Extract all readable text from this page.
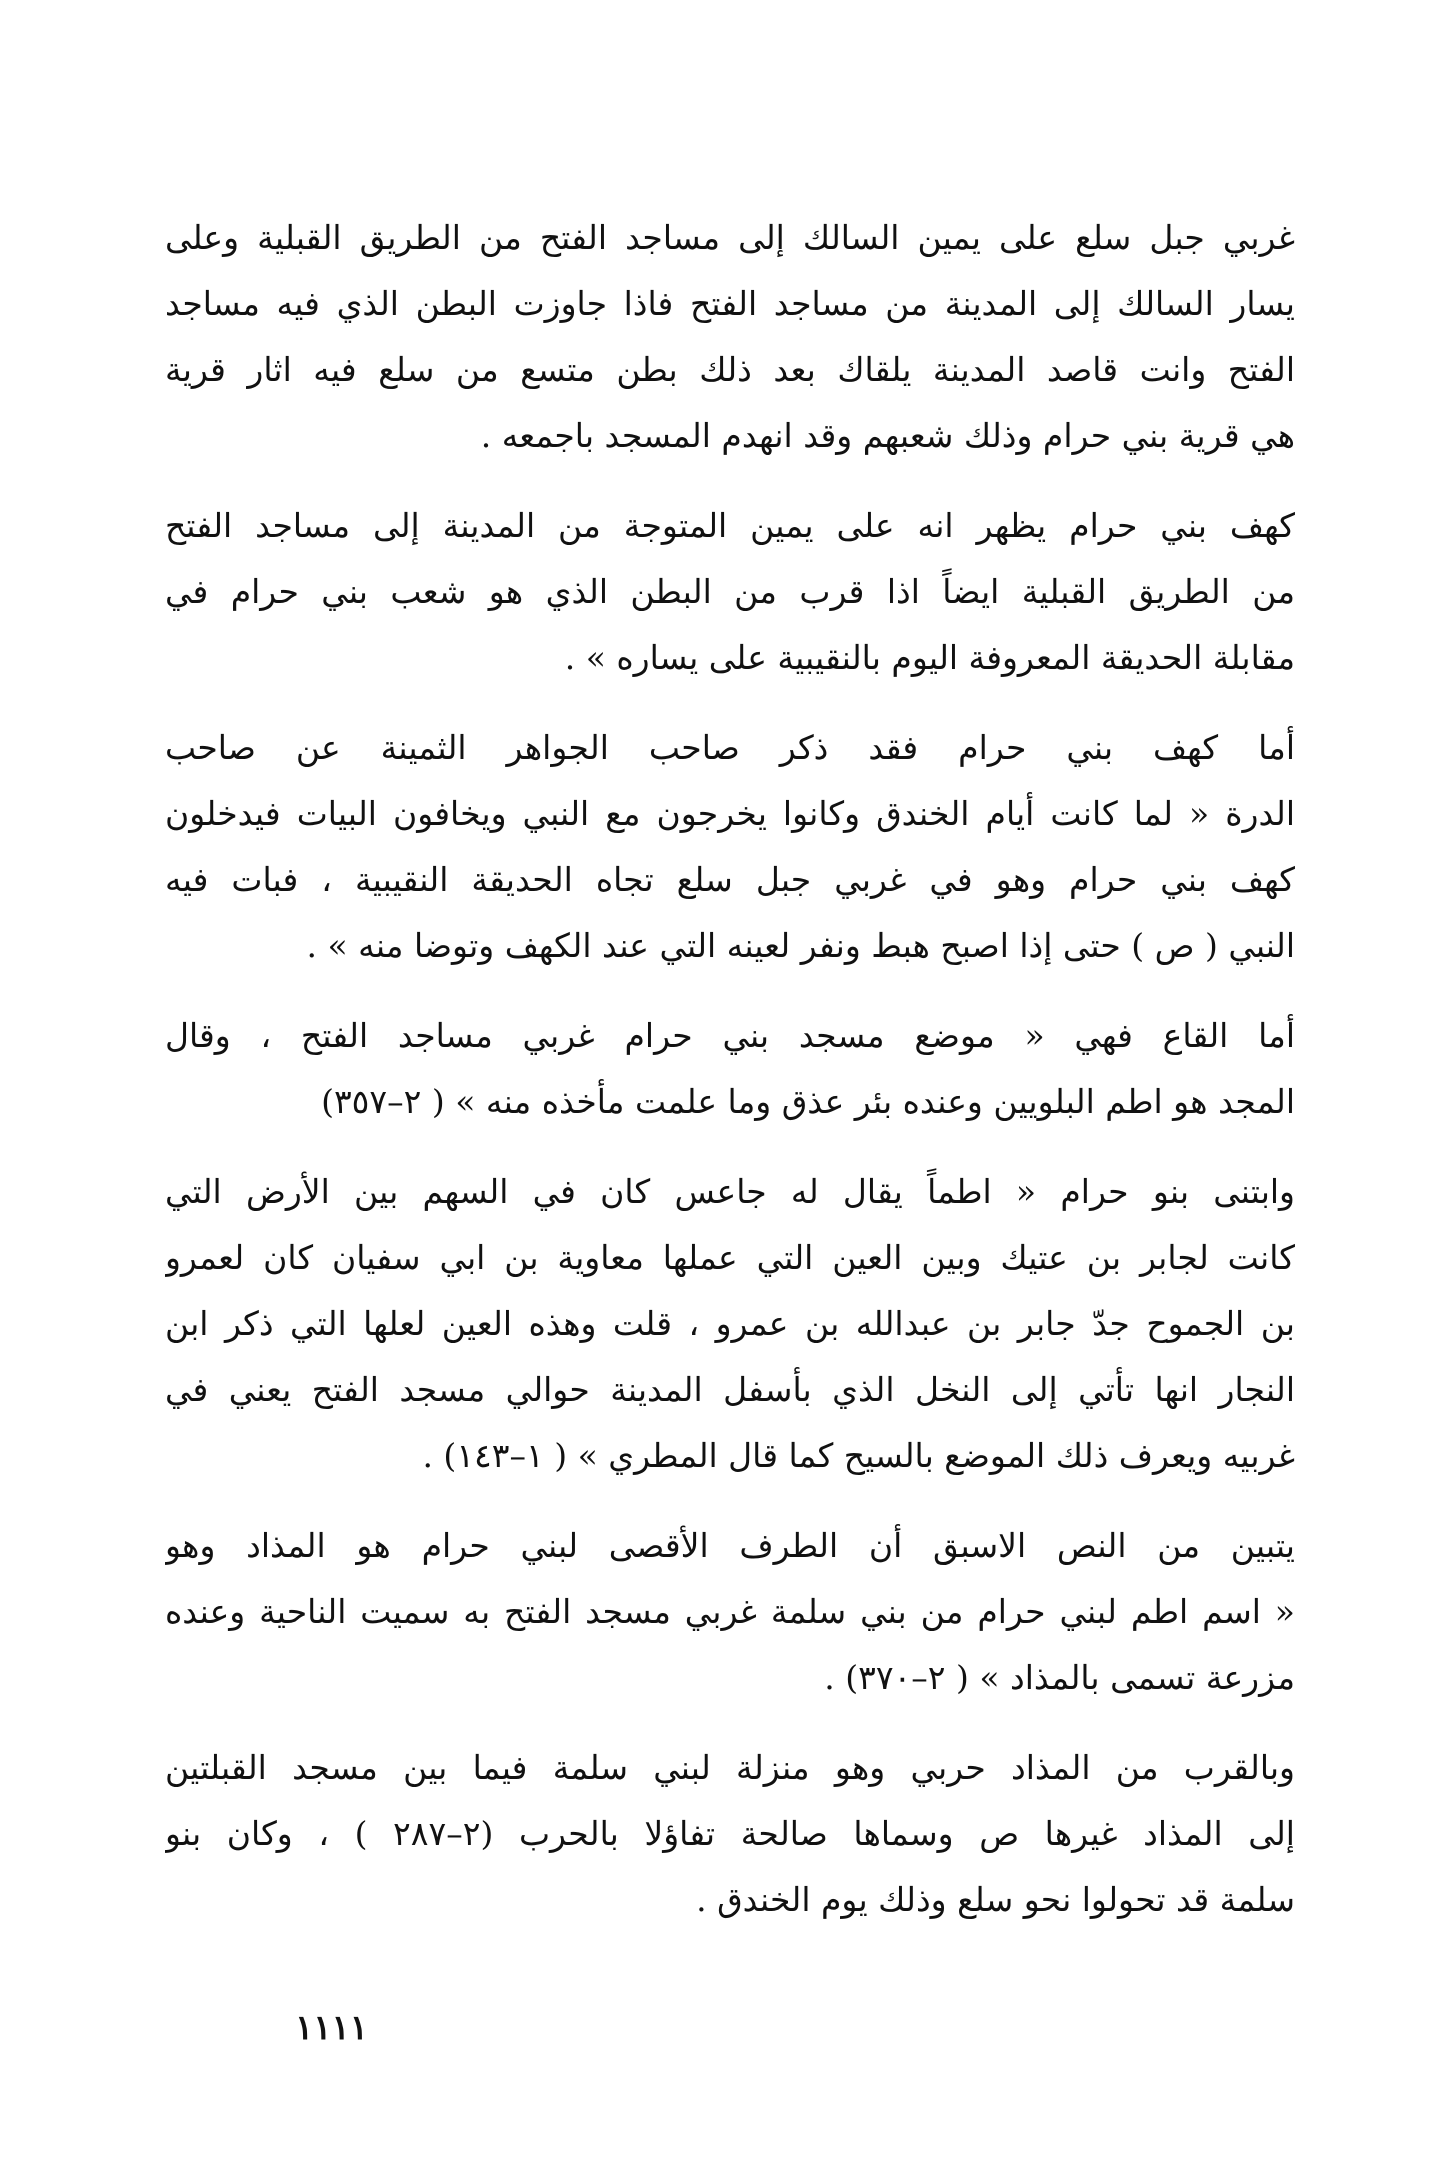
غربي جبل سلع على يمين السالك إلى مساجد الفتح من الطريق القبلية وعلى
يسار السالك إلى المدينة من مساجد الفتح فاذا جاوزت البطن الذي فيه مساجد
الفتح وانت قاصد المدينة يلقاك بعد ذلك بطن متسع من سلع فيه اثار قرية
هي قرية بني حرام وذلك شعبهم وقد انهدم المسجد باجمعه .
كهف بني حرام يظهر انه على يمين المتوجة من المدينة إلى مساجد الفتح
من الطريق القبلية ايضاً اذا قرب من البطن الذي هو شعب بني حرام في
مقابلة الحديقة المعروفة اليوم بالنقيبية على يساره » .
أما كهف بني حرام فقد ذكر صاحب الجواهر الثمينة عن صاحب
الدرة « لما كانت أيام الخندق وكانوا يخرجون مع النبي ويخافون البيات فيدخلون
كهف بني حرام وهو في غربي جبل سلع تجاه الحديقة النقيبية ، فبات فيه
النبي ( ص ) حتى إذا اصبح هبط ونفر لعينه التي عند الكهف وتوضا منه » .
أما القاع فهي « موضع مسجد بني حرام غربي مساجد الفتح ، وقال
المجد هو اطم البلويين وعنده بئر عذق وما علمت مأخذه منه » ( ٢–٣٥٧)
وابتنى بنو حرام « اطماً يقال له جاعس كان في السهم بين الأرض التي
كانت لجابر بن عتيك وبين العين التي عملها معاوية بن ابي سفيان كان لعمرو
بن الجموح جدّ جابر بن عبدالله بن عمرو ، قلت وهذه العين لعلها التي ذكر ابن
النجار انها تأتي إلى النخل الذي بأسفل المدينة حوالي مسجد الفتح يعني في
غربيه ويعرف ذلك الموضع بالسيح كما قال المطري » ( ١–١٤٣) .
يتبين من النص الاسبق أن الطرف الأقصى لبني حرام هو المذاد وهو
« اسم اطم لبني حرام من بني سلمة غربي مسجد الفتح به سميت الناحية وعنده
مزرعة تسمى بالمذاد » ( ٢–٣٧٠) .
وبالقرب من المذاد حربي وهو منزلة لبني سلمة فيما بين مسجد القبلتين
إلى المذاد غيرها ص وسماها صالحة تفاؤلا بالحرب (٢–٢٨٧ ) ، وكان بنو
سلمة قد تحولوا نحو سلع وذلك يوم الخندق .
١١١١
